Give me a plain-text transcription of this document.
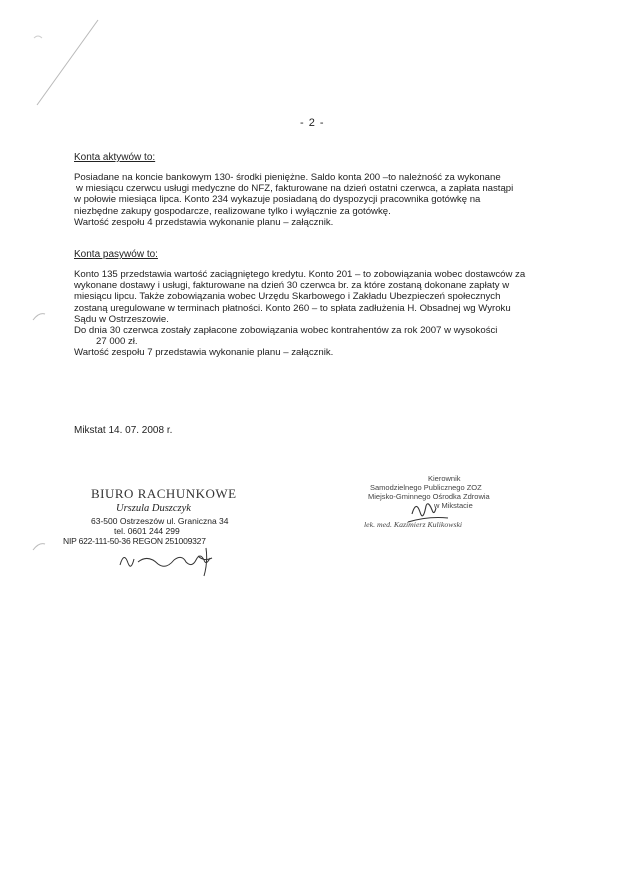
- 2 -
Konta aktywów to:
Posiadane na koncie bankowym 130- środki pieniężne. Saldo konta 200 –to należność za wykonane
w miesiącu czerwcu usługi medyczne do NFZ, fakturowane na dzień ostatni czerwca, a zapłata nastąpi
w połowie miesiąca lipca. Konto 234 wykazuje posiadaną do dyspozycji pracownika gotówkę na
niezbędne zakupy gospodarcze, realizowane tylko i wyłącznie za gotówkę.
Wartość zespołu 4 przedstawia wykonanie planu – załącznik.
Konta pasywów to:
Konto 135 przedstawia wartość zaciągniętego kredytu. Konto 201 – to zobowiązania wobec dostawców za
wykonane dostawy i usługi, fakturowane na dzień 30 czerwca br. za które zostaną dokonane zapłaty w
miesiącu lipcu. Także zobowiązania wobec Urzędu Skarbowego i Zakładu Ubezpieczeń społecznych
zostaną uregulowane w terminach płatności. Konto 260 – to spłata zadłużenia H. Obsadnej wg Wyroku
Sądu w Ostrzeszowie.
Do dnia 30 czerwca zostały zapłacone zobowiązania wobec kontrahentów za rok 2007 w wysokości
27 000 zł.
Wartość zespołu 7 przedstawia wykonanie planu – załącznik.
Mikstat 14. 07. 2008 r.
BIURO RACHUNKOWE
Urszula Duszczyk
63-500 Ostrzeszów ul. Graniczna 34
tel. 0601 244 299
NIP 622-111-50-36 REGON 251009327
Kierownik
Samodzielnego Publicznego ZOZ
Miejsko-Gminnego Ośrodka Zdrowia
w Mikstacie
lek. med. Kazimierz Kulikowski
